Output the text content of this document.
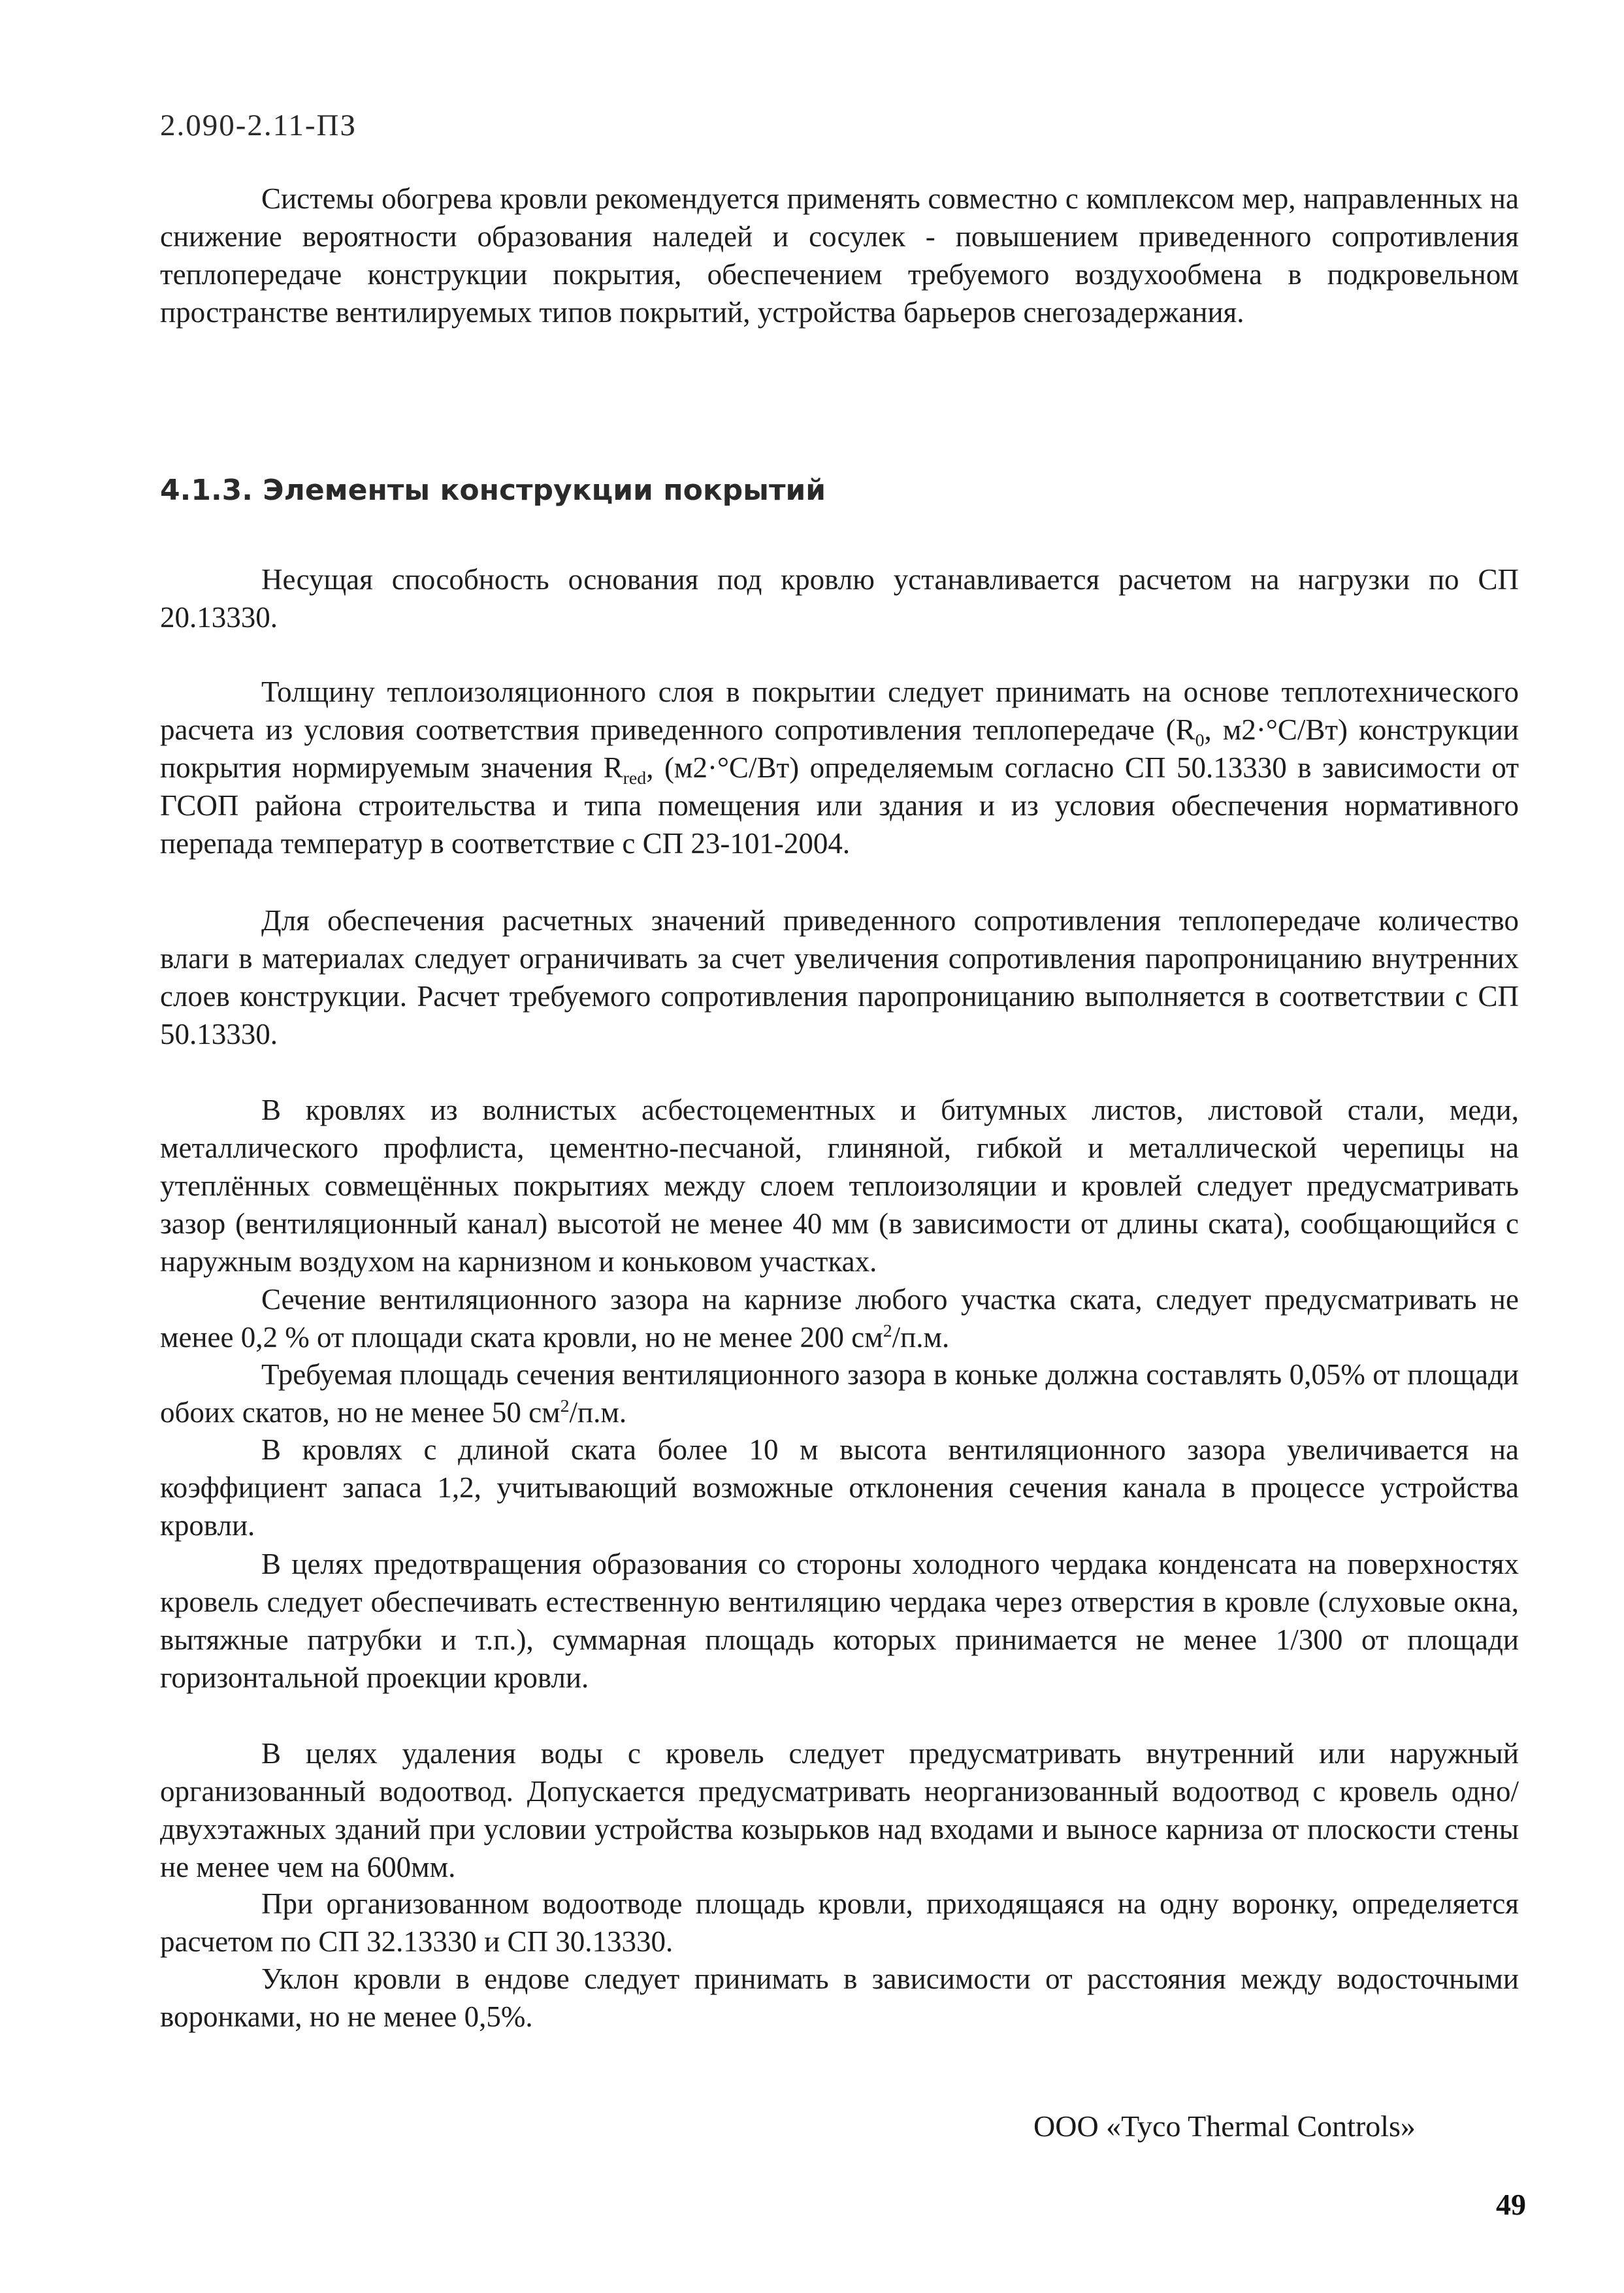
2.090-2.11-ПЗ

Системы обогрева кровли рекомендуется применять совместно с комплексом мер, направленных на снижение вероятности образования наледей и сосулек - повышением приведенного сопротивления теплопередаче конструкции покрытия, обеспечением требуемого воздухообмена в подкровельном пространстве вентилируемых типов покрытий, устройства барьеров снегозадержания.

4.1.3. Элементы конструкции покрытий

Несущая способность основания под кровлю устанавливается расчетом на нагрузки по СП 20.13330.

Толщину теплоизоляционного слоя в покрытии следует принимать на основе теплотехнического расчета из условия соответствия приведенного сопротивления теплопередаче ($R_0$, м2·°С/Вт) конструкции покрытия нормируемым значения $R_{red}$, (м2·°С/Вт) определяемым согласно СП 50.13330 в зависимости от ГСОП района строительства и типа помещения или здания и из условия обеспечения нормативного перепада температур в соответствие с СП 23-101-2004.

Для обеспечения расчетных значений приведенного сопротивления теплопередаче количество влаги в материалах следует ограничивать за счет увеличения сопротивления паропроницанию внутренних слоев конструкции. Расчет требуемого сопротивления паропроницанию выполняется в соответствии с СП 50.13330.

В кровлях из волнистых асбестоцементных и битумных листов, листовой стали, меди, металлического профлиста, цементно-песчаной, глиняной, гибкой и металлической черепицы на утеплённых совмещённых покрытиях между слоем теплоизоляции и кровлей следует предусматривать зазор (вентиляционный канал) высотой не менее 40 мм (в зависимости от длины ската), сообщающийся с наружным воздухом на карнизном и коньковом участках.

Сечение вентиляционного зазора на карнизе любого участка ската, следует предусматривать не менее 0,2 % от площади ската кровли, но не менее 200 $см^2/п.м$.

Требуемая площадь сечения вентиляционного зазора в коньке должна составлять 0,05% от площади обоих скатов, но не менее 50 $см^2/п.м$.

В кровлях с длиной ската более 10 м высота вентиляционного зазора увеличивается на коэффициент запаса 1,2, учитывающий возможные отклонения сечения канала в процессе устройства кровли.

В целях предотвращения образования со стороны холодного чердака конденсата на поверхностях кровель следует обеспечивать естественную вентиляцию чердака через отверстия в кровле (слуховые окна, вытяжные патрубки и т.п.), суммарная площадь которых принимается не менее 1/300 от площади горизонтальной проекции кровли.

В целях удаления воды с кровель следует предусматривать внутренний или наружный организованный водоотвод. Допускается предусматривать неорганизованный водоотвод с кровель одно/двухэтажных зданий при условии устройства козырьков над входами и выносе карниза от плоскости стены не менее чем на 600мм.

При организованном водоотводе площадь кровли, приходящаяся на одну воронку, определяется расчетом по СП 32.13330 и СП 30.13330.

Уклон кровли в ендове следует принимать в зависимости от расстояния между водосточными воронками, но не менее 0,5%.

ООО «Tyco Thermal Controls»
49
